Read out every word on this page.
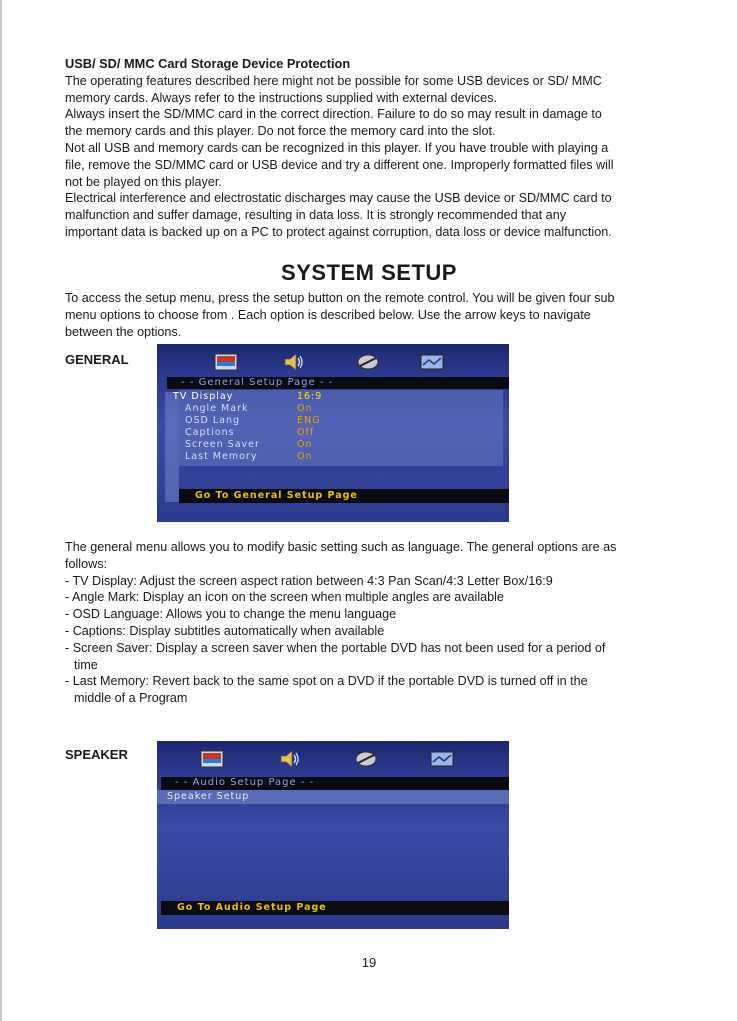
USB/ SD/ MMC Card Storage Device Protection

The operating features described here might not be possible for some USB devices or SD/ MMC

memory cards. Always refer to the instructions supplied with external devices.

Always insert the SD/MMC card in the correct direction. Failure to do so may result in damage to

the memory cards and this player. Do not force the memory card into the slot.

Not all USB and memory cards can be recognized in this player. If you have trouble with playing a

file, remove the SD/MMC card or USB device and try a different one. Improperly formatted files will

not be played on this player.

Electrical interference and electrostatic discharges may cause the USB device or SD/MMC card to

malfunction and suffer damage, resulting in data loss. It is strongly recommended that any

important data is backed up on a PC to protect against corruption, data loss or device malfunction.

SYSTEM SETUP

To access the setup menu, press the setup button on the remote control. You will be given four sub

menu options to choose from . Each option is described below. Use the arrow keys to navigate

between the options.

GENERAL
- - General Setup Page - -
TV Display	16:9
Angle Mark	On
OSD Lang	ENG
Captions	Off
Screen Saver	On
Last Memory	On
Go To General Setup Page
The general menu allows you to modify basic setting such as language. The general options are as
follows:
- TV Display: Adjust the screen aspect ration between 4:3 Pan Scan/4:3 Letter Box/16:9
- Angle Mark: Display an icon on the screen when multiple angles are available
- OSD Language: Allows you to change the menu language
- Captions: Display subtitles automatically when available
- Screen Saver: Display a screen saver when the portable DVD has not been used for a period of
time
- Last Memory: Revert back to the same spot on a DVD if the portable DVD is turned off in the
middle of a Program
SPEAKER
- - Audio Setup Page - -
Speaker Setup
Go To Audio Setup Page
19
